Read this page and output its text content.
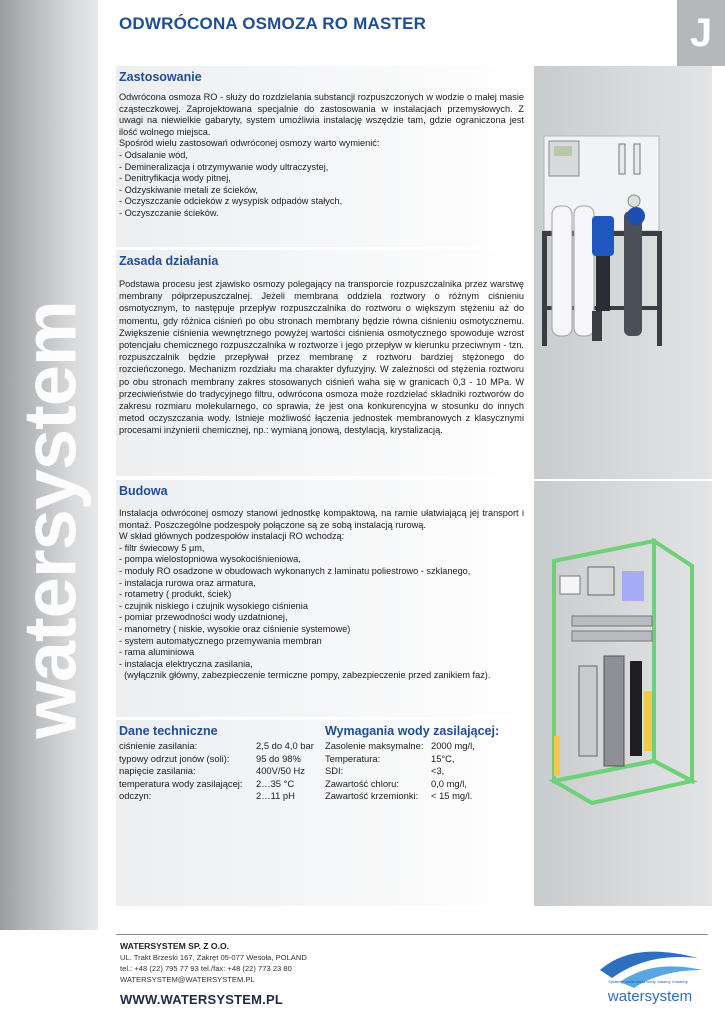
watersystem
ODWRÓCONA OSMOZA RO MASTER	J
Zastosowanie

Odwrócona osmoza RO - służy do rozdzielania substancji rozpuszczonych w wodzie o małej masie cząsteczkowej. Zaprojektowana specjalnie do zastosowania w instalacjach przemysłowych. Z uwagi na niewielkie gabaryty, system umożliwia instalację wszędzie tam, gdzie ograniczona jest ilość wolnego miejsca.

Spośród wielu zastosowań odwróconej osmozy warto wymienić:

- Odsalanie wód,
- Demineralizacja i otrzymywanie wody ultraczystej,
- Denitryfikacja wody pitnej,
- Odzyskiwanie metali ze ścieków,
- Oczyszczanie odcieków z wysypisk odpadów stałych,
- Oczyszczanie ścieków.
Zasada działania

Podstawa procesu jest zjawisko osmozy polegający na transporcie rozpuszczalnika przez warstwę membrany półprzepuszczalnej. Jeżeli membrana oddziela roztwory o różnym ciśnieniu osmotycznym, to następuje przepływ rozpuszczalnika do roztworu o większym stężeniu aż do momentu, gdy różnica ciśnień po obu stronach membrany będzie równa ciśnieniu osmotycznemu. Zwiększenie ciśnienia wewnętrznego powyżej wartości ciśnienia osmotycznego spowoduje wzrost potencjału chemicznego rozpuszczalnika w roztworze i jego przepływ w kierunku przeciwnym - tzn. rozpuszczalnik będzie przepływał przez membranę z roztworu bardziej stężonego do rozcieńczonego. Mechanizm rozdziału ma charakter dyfuzyjny. W zależności od stężenia roztworu po obu stronach membrany zakres stosowanych ciśnień waha się w granicach 0,3 - 10 MPa. W przeciwieństwie do tradycyjnego filtru, odwrócona osmoza może rozdzielać składniki roztworów do zakresu rozmiaru molekularnego, co sprawia, że jest ona konkurencyjna w stosunku do innych metod oczyszczania wody. Istnieje możliwość łączenia jednostek membranowych z klasycznymi procesami inżynierii chemicznej, np.: wymianą jonową, destylacją, krystalizacją.

Budowa

Instalacja odwróconej osmozy stanowi jednostkę kompaktową, na ramie ułatwiającą jej transport i montaż. Poszczególne podzespoły połączone są ze sobą instalacją rurową.

W skład głównych podzespołów instalacji RO wchodzą:

- filtr świecowy 5 μm,
- pompa wielostopniowa wysokociśnieniowa,
- moduły RO osadzone w obudowach wykonanych z laminatu poliestrowo - szklanego,
- instalacja rurowa oraz armatura,
- rotametry ( produkt, ściek)
- czujnik niskiego i czujnik wysokiego ciśnienia
- pomiar przewodności wody uzdatnionej,
- manometry ( niskie, wysokie oraz ciśnienie systemowe)
- system automatycznego przemywania membran
- rama aluminiowa
- instalacja elektryczna zasilania,
(wyłącznik główny, zabezpieczenie termiczne pompy, zabezpieczenie przed zanikiem faz).
Dane techniczne
ciśnienie zasilania:	2,5 do 4,0 bar
typowy odrzut jonów (soli):	95 do 98%
napięcie zasilania:	400V/50 Hz
temperatura wody zasilającej:	2…35 °C
odczyn:	2…11 pH
Wymagania wody zasilającej:
Zasolenie maksymalne: 2000 mg/l,
Temperatura:	15°C,
SDI:	<3,
Zawartość chloru:	0,0 mg/l,
Zawartość krzemionki:	< 15 mg/l.
WATERSYSTEM SP. Z O.O.
UL. Trakt Brzeski 167, Zakręt 05-077 Wesoła, POLAND
tel.: +48 (22) 795 77 93 tel./fax: +48 (22) 773 23 80
WATERSYSTEM@WATERSYSTEM.PL
WWW.WATERSYSTEM.PL
Systemy uzdatniania wody, baseny, fontanny
watersystem
